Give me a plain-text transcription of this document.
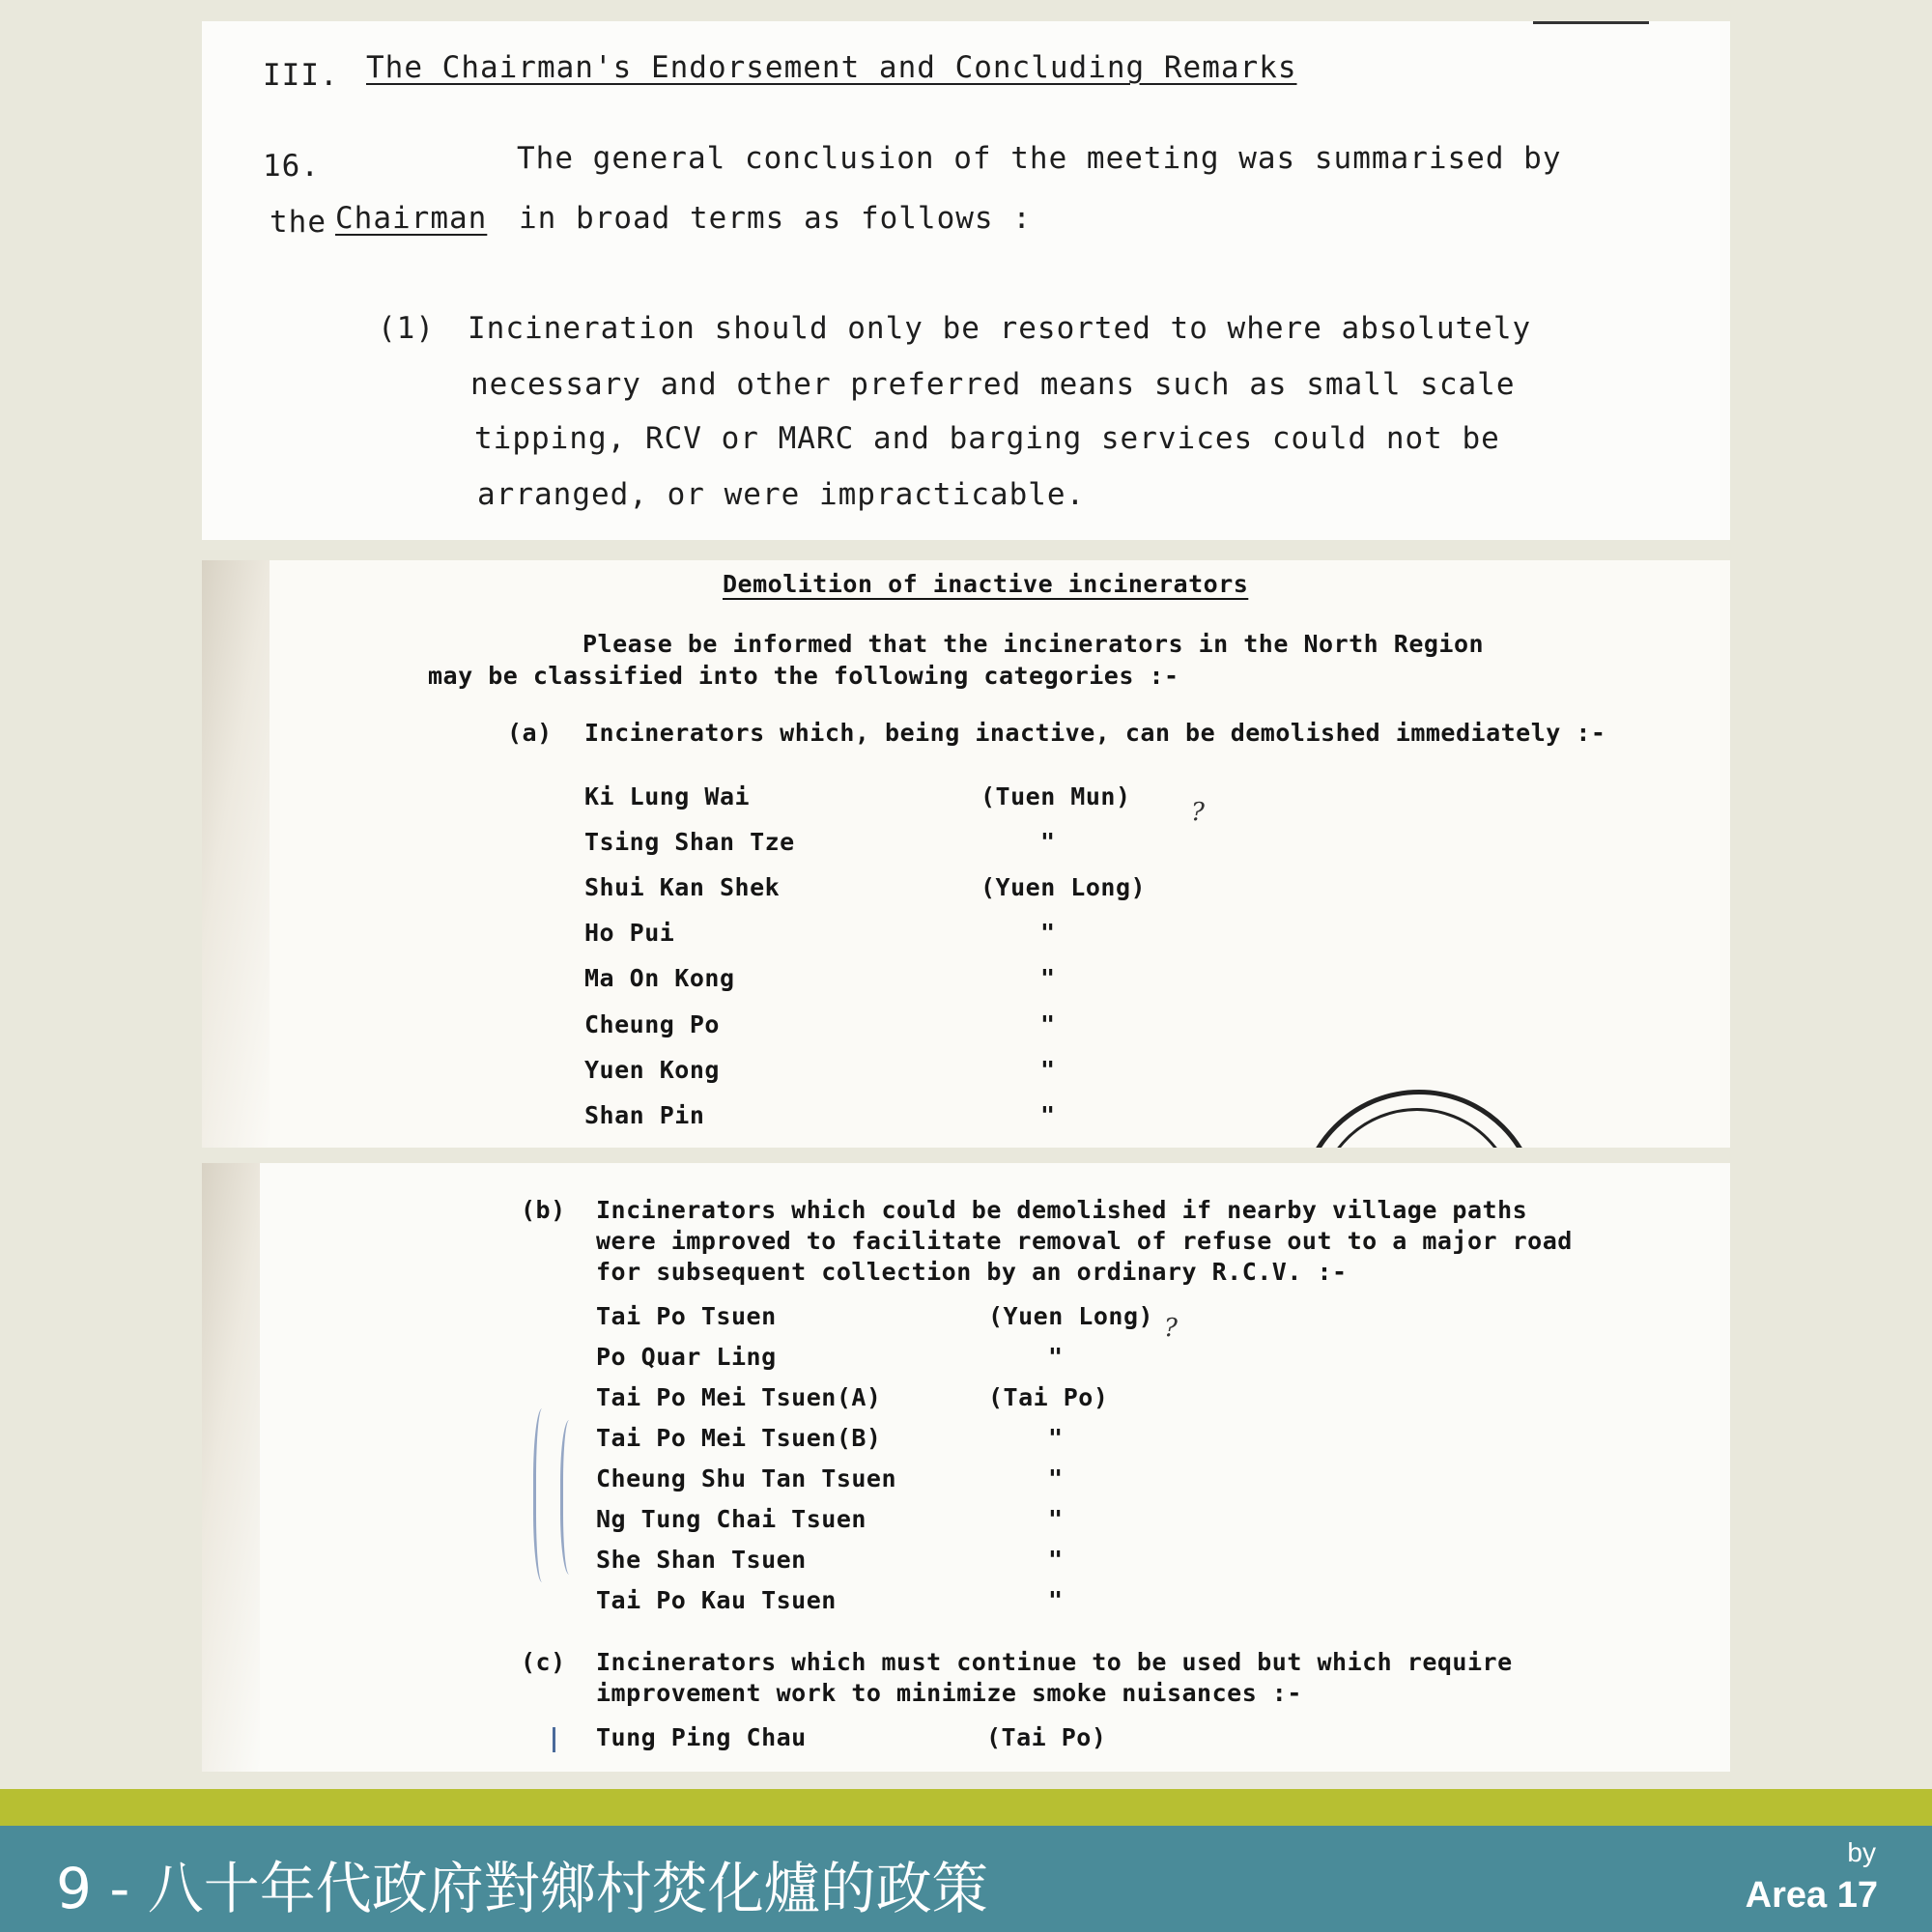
III. The Chairman's Endorsement and Concluding Remarks
16.	The general conclusion of the meeting was summarised by
the Chairman in broad terms as follows :
(1) Incineration should only be resorted to where absolutely
necessary and other preferred means such as small scale
tipping, RCV or MARC and barging services could not be
arranged, or were impracticable.
Demolition of inactive incinerators
Please be informed that the incinerators in the North Region
may be classified into the following categories :-
(a) Incinerators which, being inactive, can be demolished immediately :-
Ki Lung Wai	(Tuen Mun)
Tsing Shan Tze	"
Shui Kan Shek	(Yuen Long)
Ho Pui	"
Ma On Kong	"
Cheung Po	"
Yuen Kong	"
Shan Pin	"
?
(b) Incinerators which could be demolished if nearby village paths
were improved to facilitate removal of refuse out to a major road
for subsequent collection by an ordinary R.C.V. :-
Tai Po Tsuen	(Yuen Long)
Po Quar Ling	"
Tai Po Mei Tsuen(A)	(Tai Po)
Tai Po Mei Tsuen(B)	"
Cheung Shu Tan Tsuen	"
Ng Tung Chai Tsuen	"
She Shan Tsuen	"
Tai Po Kau Tsuen	"
(c) Incinerators which must continue to be used but which require
improvement work to minimize smoke nuisances :-
Tung Ping Chau	(Tai Po)
?
9 - 八十年代政府對鄉村焚化爐的政策
by
Area 17
